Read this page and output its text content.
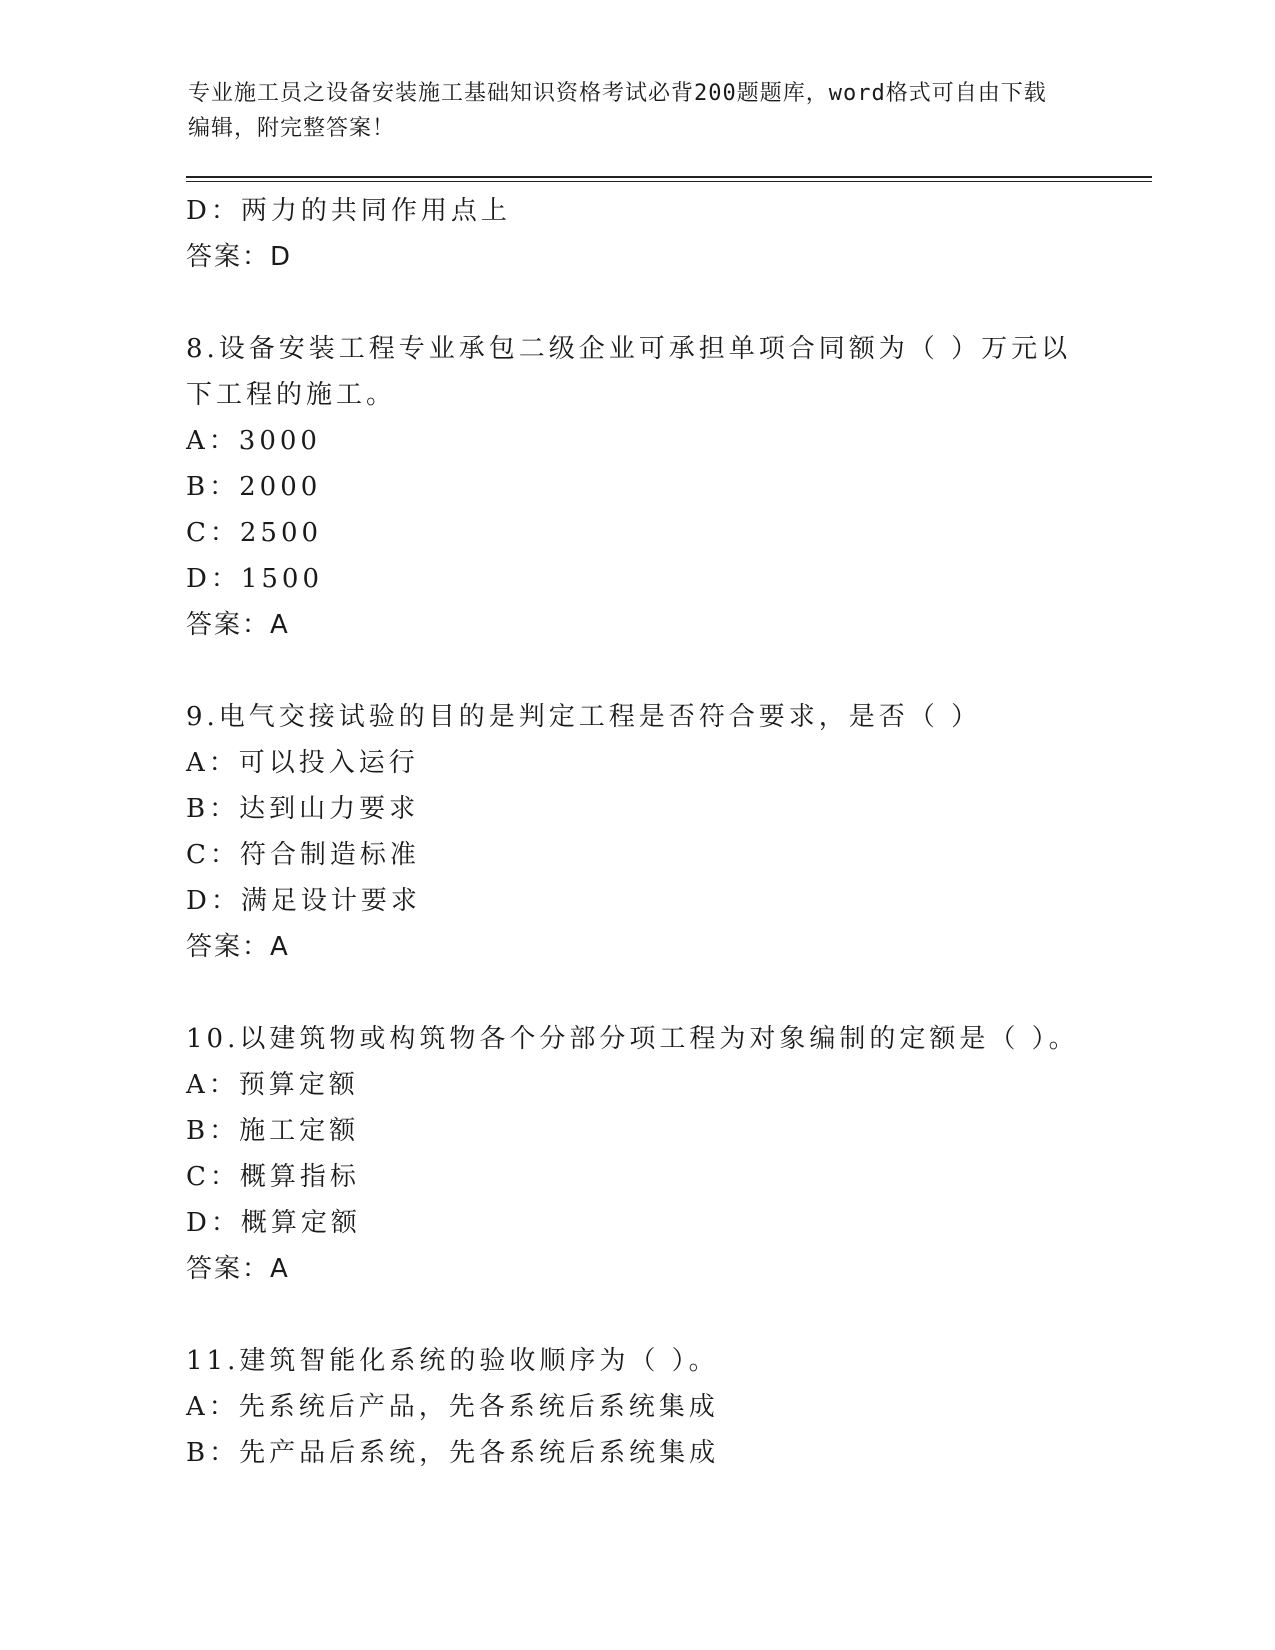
专业施工员之设备安装施工基础知识资格考试必背200题题库，word格式可自由下载编辑，附完整答案！
D：两力的共同作用点上
答案：D
8.设备安装工程专业承包二级企业可承担单项合同额为（ ）万元以下工程的施工。
A：3000
B：2000
C：2500
D：1500
答案：A
9.电气交接试验的目的是判定工程是否符合要求，是否（ ）
A：可以投入运行
B：达到山力要求
C：符合制造标准
D：满足设计要求
答案：A
10.以建筑物或构筑物各个分部分项工程为对象编制的定额是（ ）。
A：预算定额
B：施工定额
C：概算指标
D：概算定额
答案：A
11.建筑智能化系统的验收顺序为（ ）。
A：先系统后产品，先各系统后系统集成
B：先产品后系统，先各系统后系统集成
